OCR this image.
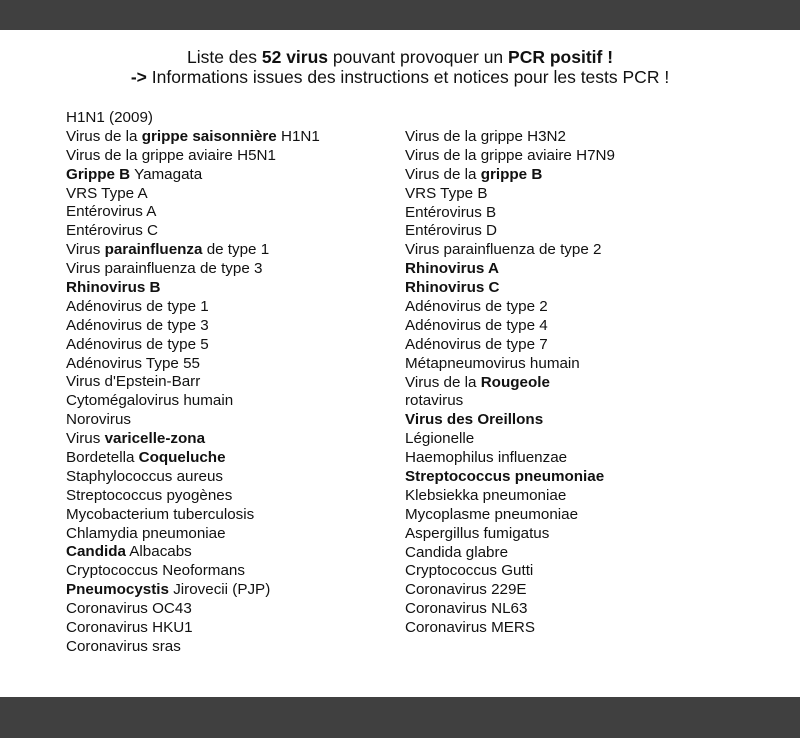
Liste des 52 virus pouvant provoquer un PCR positif !
-> Informations issues des instructions et notices pour les tests PCR !
H1N1 (2009)
Virus de la grippe saisonnière H1N1
Virus de la grippe aviaire H5N1
Grippe B Yamagata
VRS Type A
Entérovirus A
Entérovirus C
Virus parainfluenza de type 1
Virus parainfluenza de type 3
Rhinovirus B
Adénovirus de type 1
Adénovirus de type 3
Adénovirus de type 5
Adénovirus Type 55
Virus d'Epstein-Barr
Cytomégalovirus humain
Norovirus
Virus varicelle-zona
Bordetella Coqueluche
Staphylococcus aureus
Streptococcus pyogènes
Mycobacterium tuberculosis
Chlamydia pneumoniae
Candida Albacabs
Cryptococcus Neoformans
Pneumocystis Jirovecii (PJP)
Coronavirus OC43
Coronavirus HKU1
Coronavirus sras
Virus de la grippe H3N2
Virus de la grippe aviaire H7N9
Virus de la grippe B
VRS Type B
Entérovirus B
Entérovirus D
Virus parainfluenza de type 2
Rhinovirus A
Rhinovirus C
Adénovirus de type 2
Adénovirus de type 4
Adénovirus de type 7
Métapneumovirus humain
Virus de la Rougeole
rotavirus
Virus des Oreillons
Légionelle
Haemophilus influenzae
Streptococcus pneumoniae
Klebsiekka pneumoniae
Mycoplasme pneumoniae
Aspergillus fumigatus
Candida glabre
Cryptococcus Gutti
Coronavirus 229E
Coronavirus NL63
Coronavirus MERS
